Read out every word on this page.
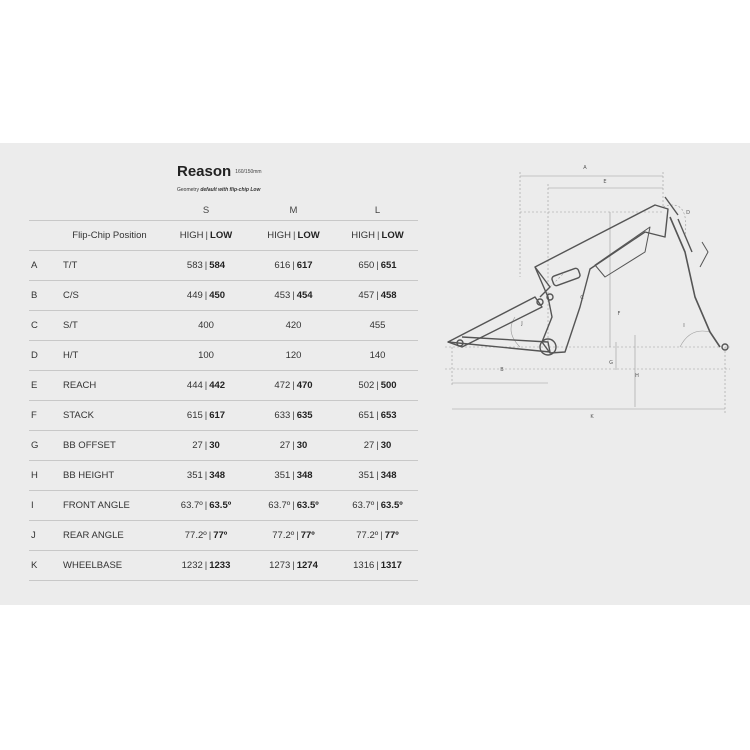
Reason $^{160/150mm}$
Geometry default with flip-chip Low
		S	M	L
	Flip-Chip Position	HIGH | LOW	HIGH | LOW	HIGH | LOW
A	T/T	583 | 584	616 | 617	650 | 651
B	C/S	449 | 450	453 | 454	457 | 458
C	S/T	400	420	455
D	H/T	100	120	140
E	REACH	444 | 442	472 | 470	502 | 500
F	STACK	615 | 617	633 | 635	651 | 653
G	BB OFFSET	27 | 30	27 | 30	27 | 30
H	BB HEIGHT	351 | 348	351 | 348	351 | 348
I	FRONT ANGLE	63.7º | 63.5º	63.7º | 63.5º	63.7º | 63.5º
J	REAR ANGLE	77.2º | 77º	77.2º | 77º	77.2º | 77º
K	WHEELBASE	1232 | 1233	1273 | 1274	1316 | 1317
A
E
D
C
F
J	I
G
H
B
K
